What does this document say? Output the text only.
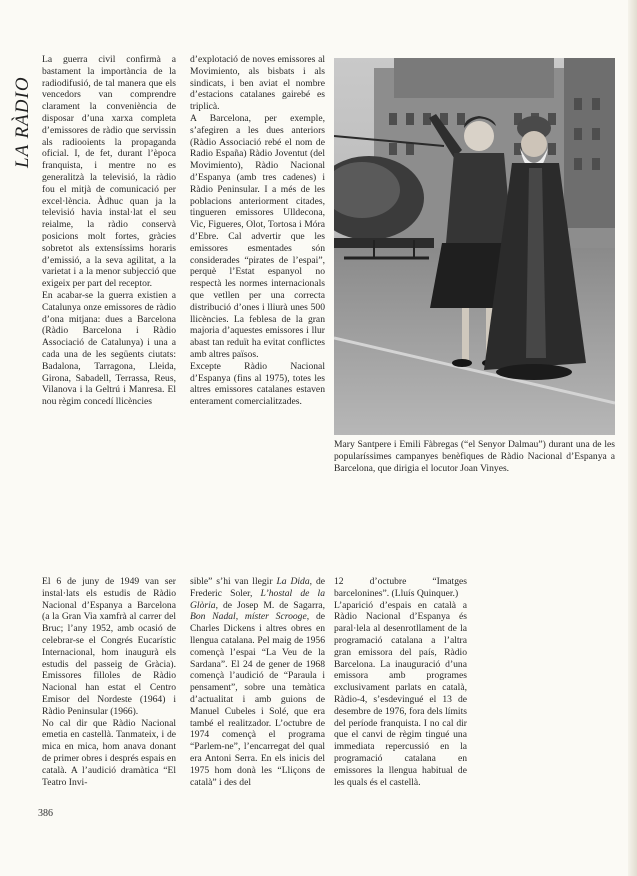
LA RÀDIO

La guerra civil confirmà a bastament la importància de la radiodifusió, de tal manera que els vencedors van comprendre clarament la conveniència de disposar d’una xarxa completa d’emissores de ràdio que servissin als radiooients la propaganda oficial. I, de fet, durant l’època franquista, i mentre no es generalitzà la televisió, la ràdio fou el mitjà de comunicació per excel·lència. Àdhuc quan ja la televisió havia instal·lat el seu reialme, la ràdio conservà posicions molt fortes, gràcies sobretot als extensíssims horaris d’emissió, a la seva agilitat, a la varietat i a la menor subjecció que exigeix per part del receptor.

En acabar-se la guerra existien a Catalunya onze emissores de ràdio d’ona mitjana: dues a Barcelona (Ràdio Barcelona i Ràdio Associació de Catalunya) i una a cada una de les següents ciutats: Badalona, Tarragona, Lleida, Girona, Sabadell, Terrassa, Reus, Vilanova i la Geltrú i Manresa. El nou règim concedí llicències

d’explotació de noves emissores al Movimiento, als bisbats i als sindicats, i ben aviat el nombre d’estacions catalanes gairebé es triplicà.

A Barcelona, per exemple, s’afegiren a les dues anteriors (Ràdio Associació rebé el nom de Radio España) Ràdio Joventut (del Movimiento), Ràdio Nacional d’Espanya (amb tres cadenes) i Ràdio Peninsular. I a més de les poblacions anteriorment citades, tingueren emissores Ulldecona, Vic, Figueres, Olot, Tortosa i Móra d’Ebre. Cal advertir que les emissores esmentades són considerades “pirates de l’espai”, perquè l’Estat espanyol no respectà les normes internacionals que vetllen per una correcta distribució d’ones i lliurà unes 500 llicències. La feblesa de la gran majoria d’aquestes emissores i llur abast tan reduït ha evitat conflictes amb altres països.

Excepte Ràdio Nacional d’Espanya (fins al 1975), totes les altres emissores catalanes estaven enterament comercialitzades.

Mary Santpere i Emili Fàbregas (“el Senyor Dalmau”) durant una de les popularíssimes campanyes benèfiques de Ràdio Nacional d’Espanya a Barcelona, que dirigia el locutor Joan Vinyes.

El 6 de juny de 1949 van ser instal·lats els estudis de Ràdio Nacional d’Espanya a Barcelona (a la Gran Via xamfrà al carrer del Bruc; l’any 1952, amb ocasió de celebrar-se el Congrés Eucarístic Internacional, hom inaugurà els estudis del passeig de Gràcia). Emissores filloles de Ràdio Nacional han estat el Centro Emisor del Nordeste (1964) i Ràdio Peninsular (1966).

No cal dir que Ràdio Nacional emetia en castellà. Tanmateix, i de mica en mica, hom anava donant de primer obres i després espais en català. A l’audició dramàtica “El Teatro Invi-

sible” s’hi van llegir La Dida, de Frederic Soler, L’hostal de la Glòria, de Josep M. de Sagarra, Bon Nadal, míster Scrooge, de Charles Dickens i altres obres en llengua catalana. Pel maig de 1956 començà l’espai “La Veu de la Sardana”. El 24 de gener de 1968 començà l’audició de “Paraula i pensament”, sobre una temàtica d’actualitat i amb guions de Manuel Cubeles i Solé, que era també el realitzador. L’octubre de 1974 començà el programa “Parlem-ne”, l’encarregat del qual era Antoni Serra. En els inicis del 1975 hom donà les “Lliçons de català” i des del

12 d’octubre “Imatges barcelonines”. (Lluís Quinquer.)

L’aparició d’espais en català a Ràdio Nacional d’Espanya és paral·lela al desenrotllament de la programació catalana a l’altra gran emissora del país, Ràdio Barcelona. La inauguració d’una emissora amb programes exclusivament parlats en català, Ràdio-4, s’esdevingué el 13 de desembre de 1976, fora dels límits del període franquista. I no cal dir que el canvi de règim tingué una immediata repercussió en la programació catalana en emissores la llengua habitual de les quals és el castellà.

386
